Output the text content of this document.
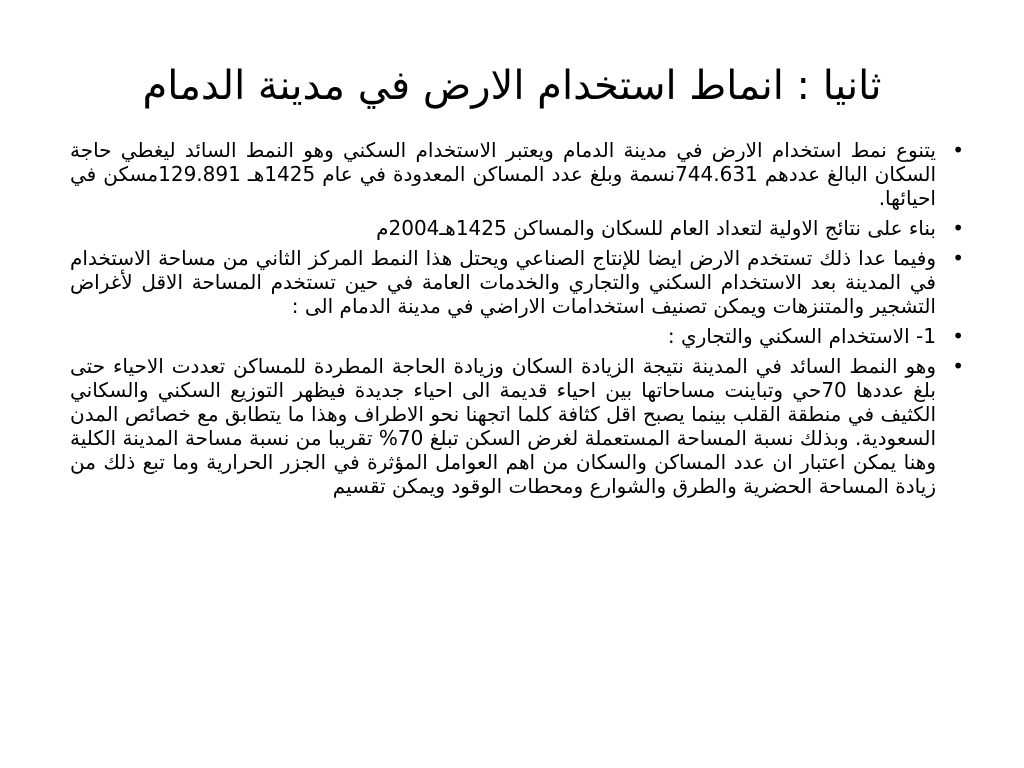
ثانيا : انماط استخدام الارض في مدينة الدمام
•
يتنوع نمط استخدام الارض في مدينة الدمام ويعتبر الاستخدام السكني وهو النمط السائد ليغطي حاجة السكان البالغ عددهم 744.631نسمة وبلغ عدد المساكن المعدودة في عام 1425هـ 129.891مسكن في احيائها.
•
بناء على نتائج الاولية لتعداد العام للسكان والمساكن 1425هـ2004م
•
وفيما عدا ذلك تستخدم الارض ايضا للإنتاج الصناعي ويحتل هذا النمط المركز الثاني من مساحة الاستخدام في المدينة بعد الاستخدام السكني والتجاري والخدمات العامة في حين تستخدم المساحة الاقل لأغراض التشجير والمتنزهات ويمكن تصنيف استخدامات الاراضي في مدينة الدمام الى :
•
1- الاستخدام السكني والتجاري :
•
وهو النمط السائد في المدينة نتيجة الزيادة السكان وزيادة الحاجة المطردة للمساكن تعددت الاحياء حتى بلغ عددها 70حي وتباينت مساحاتها بين احياء قديمة الى احياء جديدة فيظهر التوزيع السكني والسكاني الكثيف في منطقة القلب بينما يصبح اقل كثافة كلما اتجهنا نحو الاطراف وهذا ما يتطابق مع خصائص المدن السعودية. وبذلك نسبة المساحة المستعملة لغرض السكن تبلغ 70% تقريبا من نسبة مساحة المدينة الكلية وهنا يمكن اعتبار ان عدد المساكن والسكان من اهم العوامل المؤثرة في الجزر الحرارية وما تبع ذلك من زيادة المساحة الحضرية والطرق والشوارع ومحطات الوقود ويمكن تقسيم
